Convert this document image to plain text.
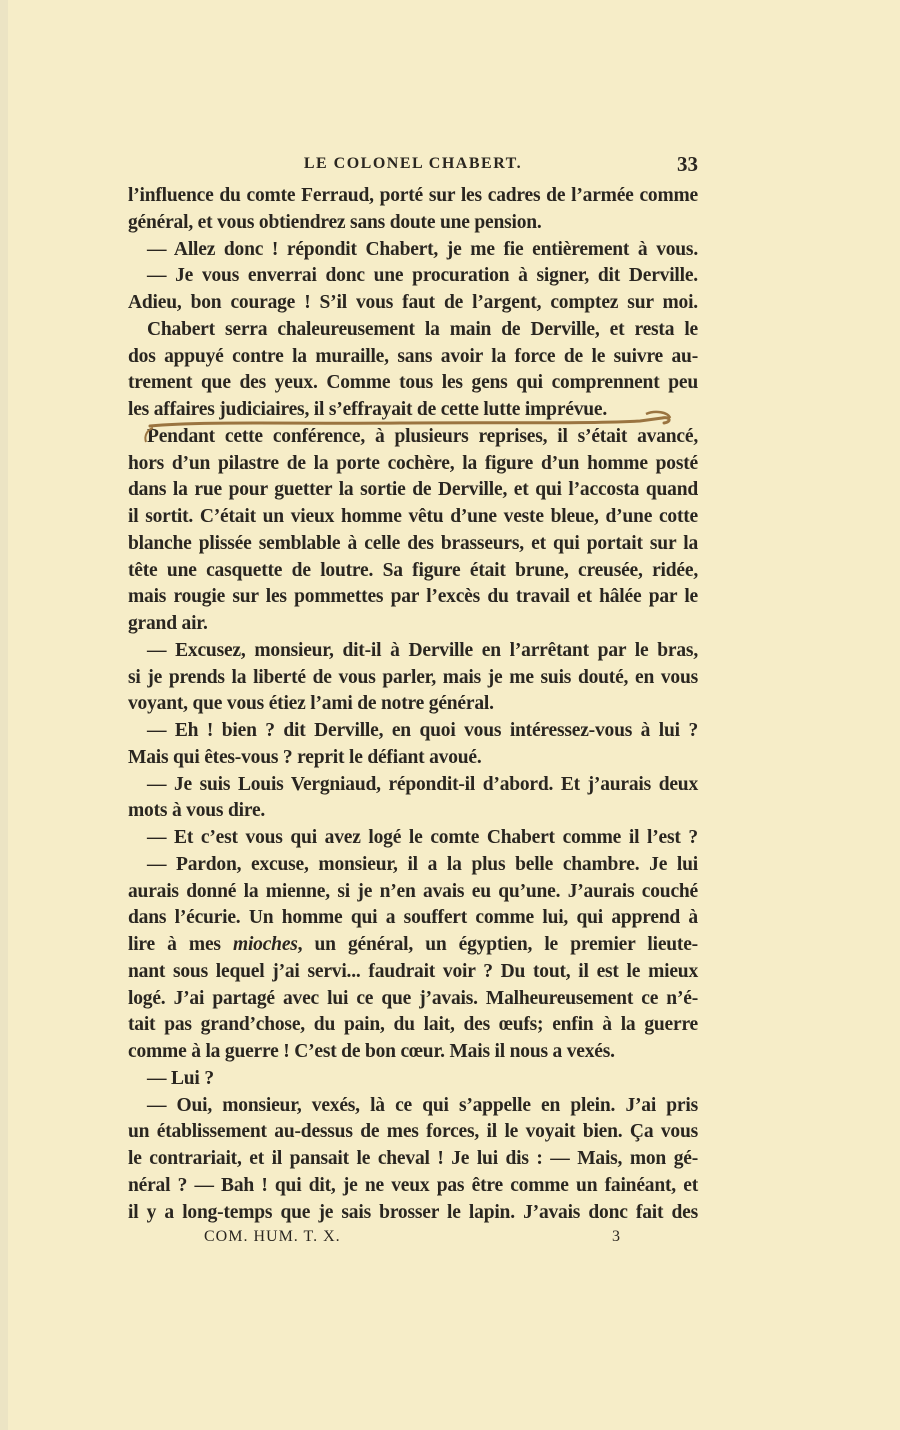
LE COLONEL CHABERT.	33
l’influence du comte Ferraud, porté sur les cadres de l’armée comme
général, et vous obtiendrez sans doute une pension.
— Allez donc ! répondit Chabert, je me fie entièrement à vous.
— Je vous enverrai donc une procuration à signer, dit Derville.
Adieu, bon courage ! S’il vous faut de l’argent, comptez sur moi.
Chabert serra chaleureusement la main de Derville, et resta le
dos appuyé contre la muraille, sans avoir la force de le suivre au-
trement que des yeux. Comme tous les gens qui comprennent peu
les affaires judiciaires, il s’effrayait de cette lutte imprévue.
Pendant cette conférence, à plusieurs reprises, il s’était avancé,
hors d’un pilastre de la porte cochère, la figure d’un homme posté
dans la rue pour guetter la sortie de Derville, et qui l’accosta quand
il sortit. C’était un vieux homme vêtu d’une veste bleue, d’une cotte
blanche plissée semblable à celle des brasseurs, et qui portait sur la
tête une casquette de loutre. Sa figure était brune, creusée, ridée,
mais rougie sur les pommettes par l’excès du travail et hâlée par le
grand air.
— Excusez, monsieur, dit-il à Derville en l’arrêtant par le bras,
si je prends la liberté de vous parler, mais je me suis douté, en vous
voyant, que vous étiez l’ami de notre général.
— Eh ! bien ? dit Derville, en quoi vous intéressez-vous à lui ?
Mais qui êtes-vous ? reprit le défiant avoué.
— Je suis Louis Vergniaud, répondit-il d’abord. Et j’aurais deux
mots à vous dire.
— Et c’est vous qui avez logé le comte Chabert comme il l’est ?
— Pardon, excuse, monsieur, il a la plus belle chambre. Je lui
aurais donné la mienne, si je n’en avais eu qu’une. J’aurais couché
dans l’écurie. Un homme qui a souffert comme lui, qui apprend à
lire à mes mioches, un général, un égyptien, le premier lieute-
nant sous lequel j’ai servi... faudrait voir ? Du tout, il est le mieux
logé. J’ai partagé avec lui ce que j’avais. Malheureusement ce n’é-
tait pas grand’chose, du pain, du lait, des œufs; enfin à la guerre
comme à la guerre ! C’est de bon cœur. Mais il nous a vexés.
— Lui ?
— Oui, monsieur, vexés, là ce qui s’appelle en plein. J’ai pris
un établissement au-dessus de mes forces, il le voyait bien. Ça vous
le contrariait, et il pansait le cheval ! Je lui dis : — Mais, mon gé-
néral ? — Bah ! qui dit, je ne veux pas être comme un fainéant, et
il y a long-temps que je sais brosser le lapin. J’avais donc fait des
COM. HUM. T. X.	3
